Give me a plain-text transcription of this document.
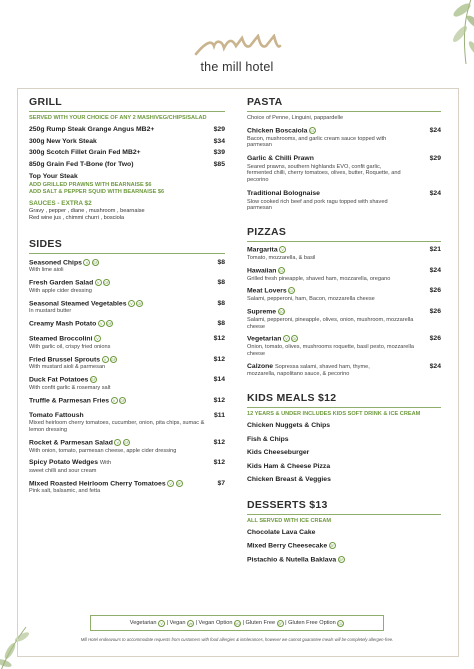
the mill hotel
GRILL
SERVED WITH YOUR CHOICE OF ANY 2 MASH/VEG/CHIPS/SALAD
250g Rump Steak Grange Angus MB2+	$29
300g New York Steak	$34
300g Scotch Fillet Grain Fed MB2+	$39
850g Grain Fed T-Bone (for Two)	$85
Top Your Steak
ADD GRILLED PRAWNS WITH BEARNAISE $6
ADD SALT & PEPPER SQUID WITH BEARNAISE $6
SAUCES - EXTRA $2
Gravy , pepper , diane , mushroom , bearnaise
Red wine jus , chimmi churri , bosciola
SIDES
Seasoned Chips V GF	$8
With lime aioli
Fresh Garden Salad V GF	$8
With apple cider dressing
Seasonal Steamed Vegetables V GF	$8
In mustard butter
Creamy Mash Potato V GF	$8
Steamed Broccolini V	$12
With garlic oil, crispy fried onions
Fried Brussel Sprouts V GF	$12
With mustard aioli & parmesan
Duck Fat Potatoes GF	$14
With confit garlic & rosemary salt
Truffle & Parmesan Fries V GF	$12
Tomato Fattoush	$11
Mixed heirloom cherry tomatoes, cucumber, onion, pita chips, sumac & lemon dressing
Rocket & Parmesan Salad V GF	$12
With onion, tomato, parmesan cheese, apple cider dressing
Spicy Potato Wedges With	$12
sweet chilli and sour cream
Mixed Roasted Heirloom Cherry Tomatoes V GF	$7
Pink salt, balsamic, and fetta
PASTA
Choice of Penne, Linguini, pappardelle
Chicken Boscaiola GO	$24
Bacon, mushrooms, and garlic cream sauce topped with parmesan
Garlic & Chilli Prawn	$29
Seared prawns, southern highlands EVO, confit garlic, fermented chilli, cherry tomatoes, olives, butter, Roquette, and pecorino
Traditional Bolognaise	$24
Slow cooked rich beef and pork ragu topped with shaved parmesan
PIZZAS
Margarita V	$21
Tomato, mozzarella, & basil
Hawaiian GO	$24
Grilled fresh pineapple, shaved ham, mozzarella, oregano
Meat Lovers GO	$26
Salami, pepperoni, ham, Bacon, mozzarella cheese
Supreme GO	$26
Salami, pepperoni, pineapple, olives, onion, mushroom, mozzarella cheese
Vegetarian V GO	$26
Onion, tomato, olives, mushrooms roquette, basil pesto, mozzarella cheese
Calzone Sopressa salami, shaved ham, thyme,	$24
mozzarella, napolitano sauce, & pecorino
KIDS MEALS $12
12 YEARS & UNDER INCLUDES KIDS SOFT DRINK & ICE CREAM
Chicken Nuggets & Chips
Fish & Chips
Kids Cheeseburger
Kids Ham & Cheese Pizza
Chicken Breast & Veggies
DESSERTS $13
ALL SERVED WITH ICE CREAM
Chocolate Lava Cake
Mixed Berry Cheesecake GF
Pistachio & Nutella Baklava GF
Vegetarian	V
| Vegan Ve
| Vegan Option VO
| Gluten Free GF
| Gluten Free Option GO
Mill Hotel endeavours to accommodate requests from customers with food allergies & intolerances, however we cannot guarantee meals will be completely allergen-free.
